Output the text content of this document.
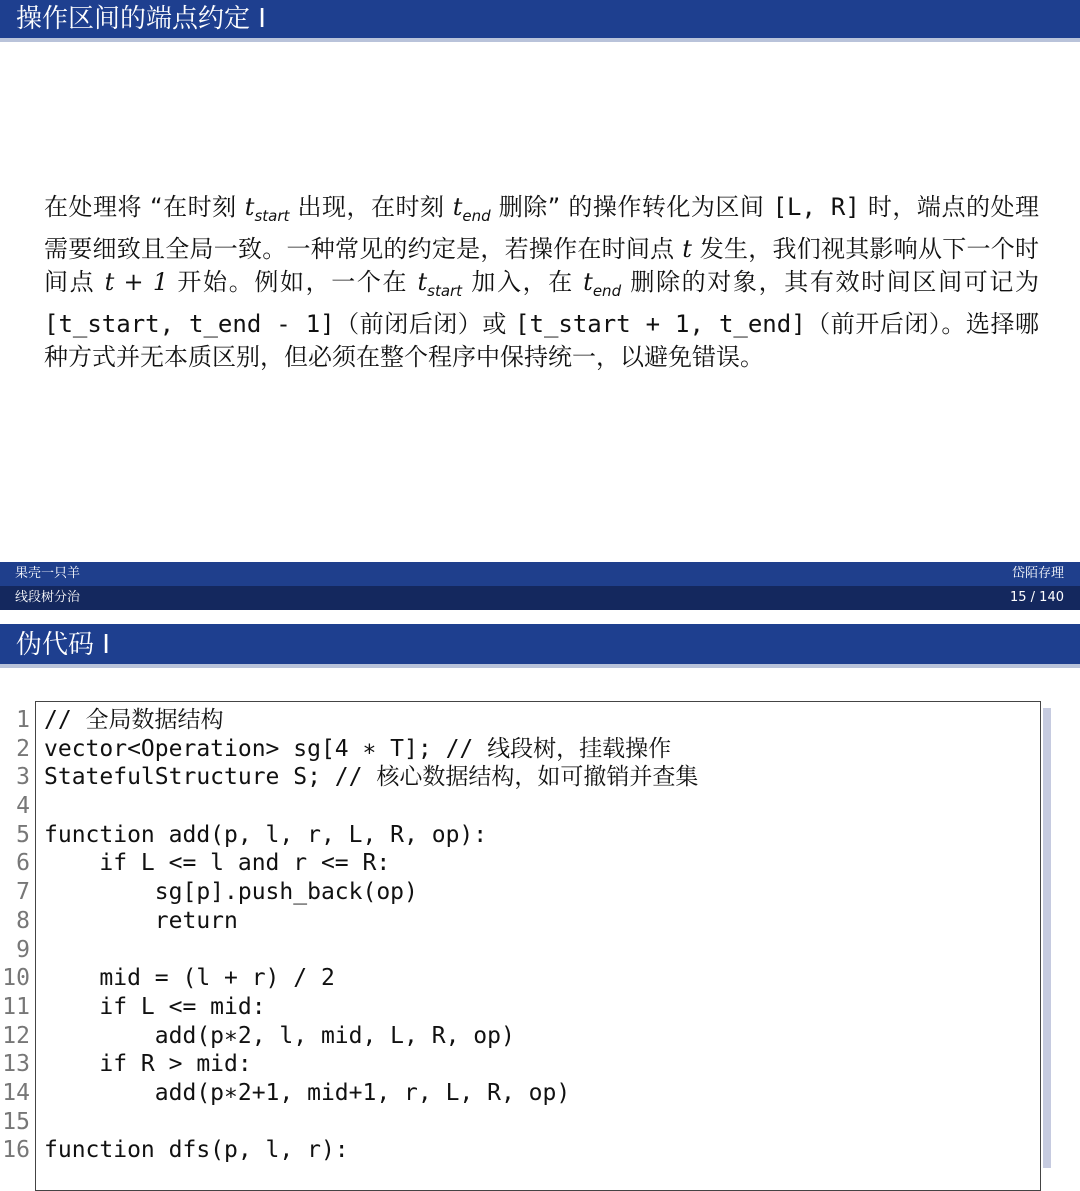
操作区间的端点约定 I
在处理将 “在时刻 $t_{start}$ 出现，在时刻 $t_{end}$ 删除” 的操作转化为区间 [L, R] 时，端点的处理需要细致且全局一致。一种常见的约定是，若操作在时间点 t 发生，我们视其影响从下一个时间点 t + 1 开始。例如，一个在 $t_{start}$ 加入，在 $t_{end}$ 删除的对象，其有效时间区间可记为 [t_start, t_end - 1]（前闭后闭）或 [t_start + 1, t_end]（前开后闭）。选择哪种方式并无本质区别，但必须在整个程序中保持统一，以避免错误。
果壳一只羊	岱陌存理
线段树分治	15 / 140
伪代码 I
1
2
3
4
5
6
7
8
9
10
11
12
13
14
15
16
// 全局数据结构
vector<Operation> sg[4 ∗ T]; // 线段树，挂载操作
StatefulStructure S; // 核心数据结构，如可撤销并查集
function add(p, l, r, L, R, op):
if L <= l and r <= R:
sg[p].push_back(op)
return
mid = (l + r) / 2
if L <= mid:
add(p∗2, l, mid, L, R, op)
if R > mid:
add(p∗2+1, mid+1, r, L, R, op)
function dfs(p, l, r):
